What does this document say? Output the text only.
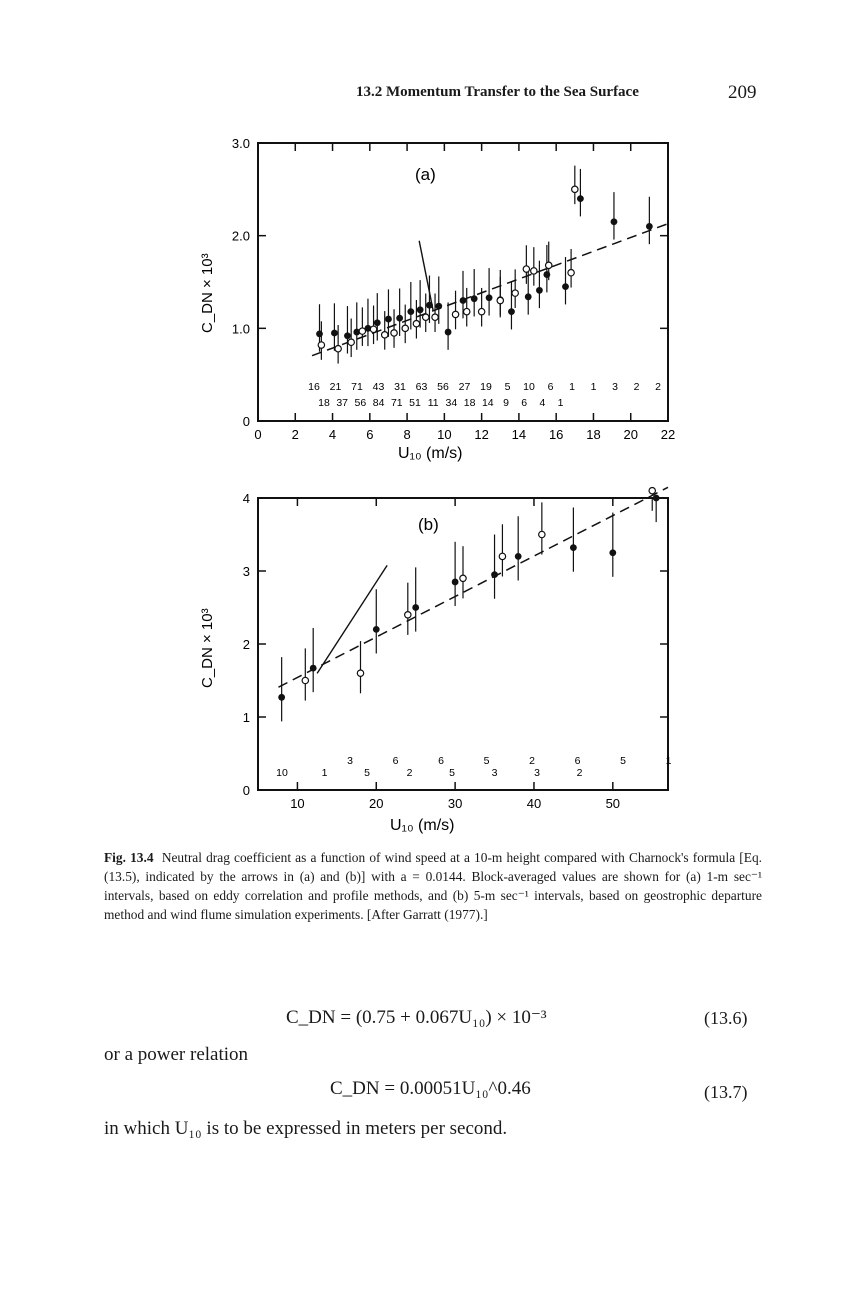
13.2 Momentum Transfer to the Sea Surface	209
(a)
(b)
C_DN × 10³
C_DN × 10³
U₁₀ (m/s)
U₁₀ (m/s)
3.0
2.0
1.0
0
0 2 4 6 8 10 12 14 16 18 20 22
16 21 71 43 31 63 56 27 19 5 10 6 1 1 3 2 2
18 37 56 84 71 51 11 34 18 14 9 6 4 1
4
3
2
1
0
10	20	30	40	50
3	6	6	5	2	6	5	1
10	1	5	2	5	3	3	2
Fig. 13.4 Neutral drag coefficient as a function of wind speed at a 10-m height compared with Charnock's formula [Eq. (13.5), indicated by the arrows in (a) and (b)] with a = 0.0144. Block-averaged values are shown for (a) 1-m sec⁻¹ intervals, based on eddy correlation and profile methods, and (b) 5-m sec⁻¹ intervals, based on geostrophic departure method and wind flume simulation experiments. [After Garratt (1977).]
C_DN = (0.75 + 0.067U₁₀) × 10⁻³	(13.6)
or a power relation
C_DN = 0.00051U₁₀^0.46	(13.7)
in which U₁₀ is to be expressed in meters per second.
